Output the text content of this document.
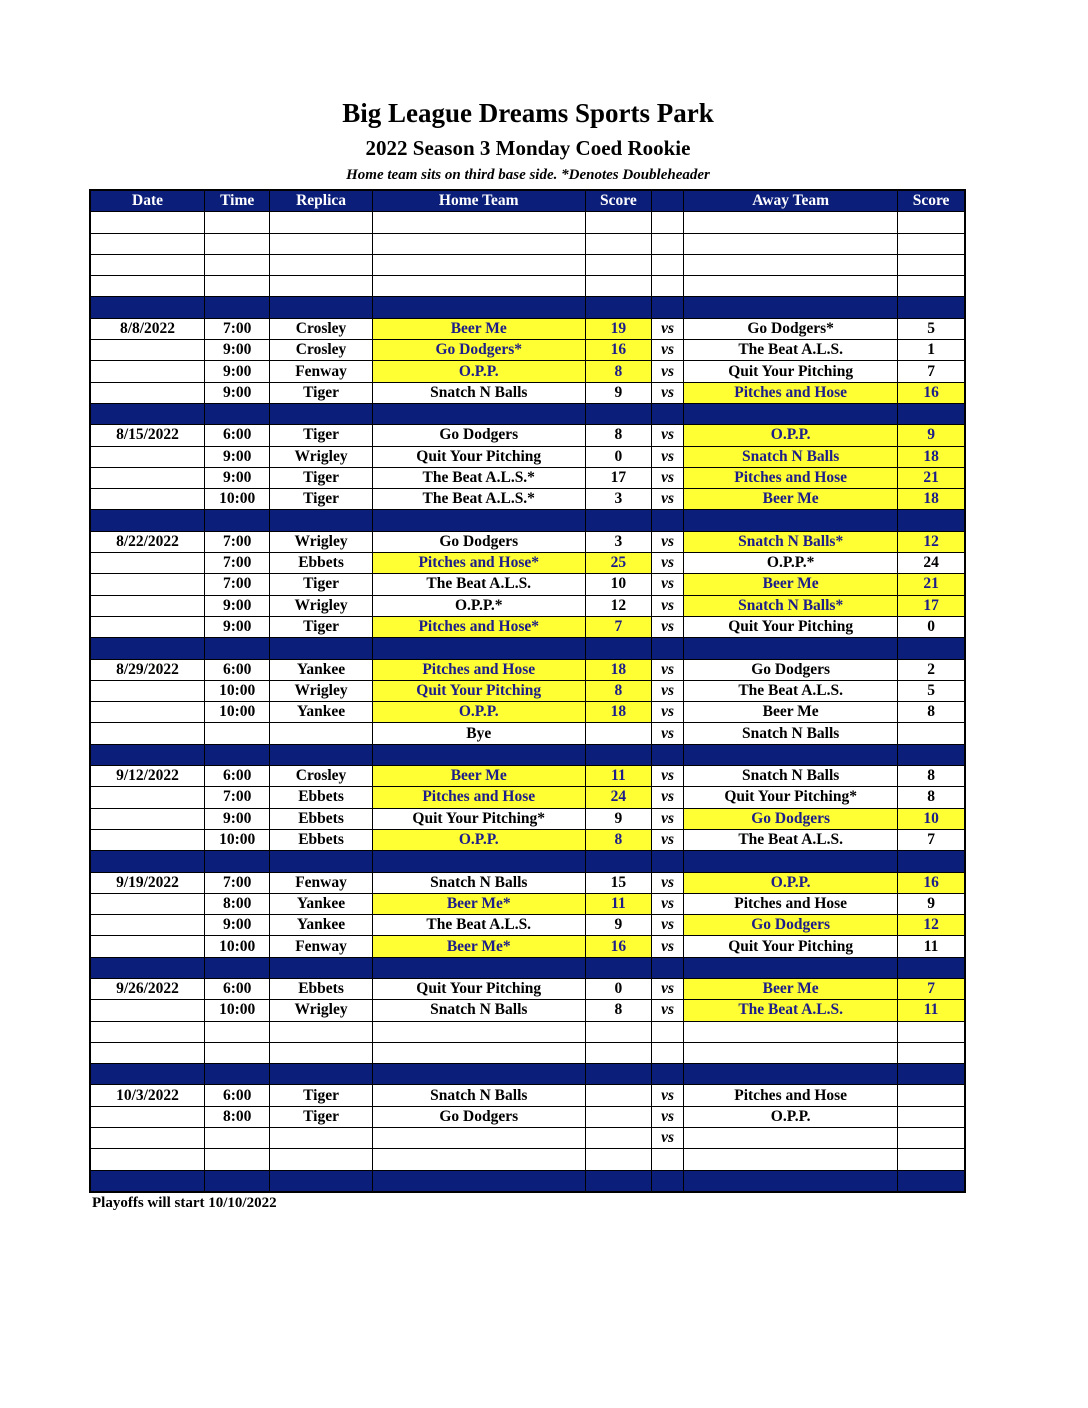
Big League Dreams Sports Park
2022 Season 3 Monday Coed Rookie
Home team sits on third base side. *Denotes Doubleheader
Date	Time	Replica	Home Team	Score		Away Team	Score

8/8/2022	7:00	Crosley	Beer Me	19	vs	Go Dodgers*	5
	9:00	Crosley	Go Dodgers*	16	vs	The Beat A.L.S.	1
	9:00	Fenway	O.P.P.	8	vs	Quit Your Pitching	7
	9:00	Tiger	Snatch N Balls	9	vs	Pitches and Hose	16

8/15/2022	6:00	Tiger	Go Dodgers	8	vs	O.P.P.	9
	9:00	Wrigley	Quit Your Pitching	0	vs	Snatch N Balls	18
	9:00	Tiger	The Beat A.L.S.*	17	vs	Pitches and Hose	21
	10:00	Tiger	The Beat A.L.S.*	3	vs	Beer Me	18

8/22/2022	7:00	Wrigley	Go Dodgers	3	vs	Snatch N Balls*	12
	7:00	Ebbets	Pitches and Hose*	25	vs	O.P.P.*	24
	7:00	Tiger	The Beat A.L.S.	10	vs	Beer Me	21
	9:00	Wrigley	O.P.P.*	12	vs	Snatch N Balls*	17
	9:00	Tiger	Pitches and Hose*	7	vs	Quit Your Pitching	0

8/29/2022	6:00	Yankee	Pitches and Hose	18	vs	Go Dodgers	2
	10:00	Wrigley	Quit Your Pitching	8	vs	The Beat A.L.S.	5
	10:00	Yankee	O.P.P.	18	vs	Beer Me	8
			Bye		vs	Snatch N Balls	

9/12/2022	6:00	Crosley	Beer Me	11	vs	Snatch N Balls	8
	7:00	Ebbets	Pitches and Hose	24	vs	Quit Your Pitching*	8
	9:00	Ebbets	Quit Your Pitching*	9	vs	Go Dodgers	10
	10:00	Ebbets	O.P.P.	8	vs	The Beat A.L.S.	7

9/19/2022	7:00	Fenway	Snatch N Balls	15	vs	O.P.P.	16
	8:00	Yankee	Beer Me*	11	vs	Pitches and Hose	9
	9:00	Yankee	The Beat A.L.S.	9	vs	Go Dodgers	12
	10:00	Fenway	Beer Me*	16	vs	Quit Your Pitching	11

9/26/2022	6:00	Ebbets	Quit Your Pitching	0	vs	Beer Me	7
	10:00	Wrigley	Snatch N Balls	8	vs	The Beat A.L.S.	11

10/3/2022	6:00	Tiger	Snatch N Balls		vs	Pitches and Hose	
	8:00	Tiger	Go Dodgers		vs	O.P.P.	
					vs		

Playoffs will start 10/10/2022
